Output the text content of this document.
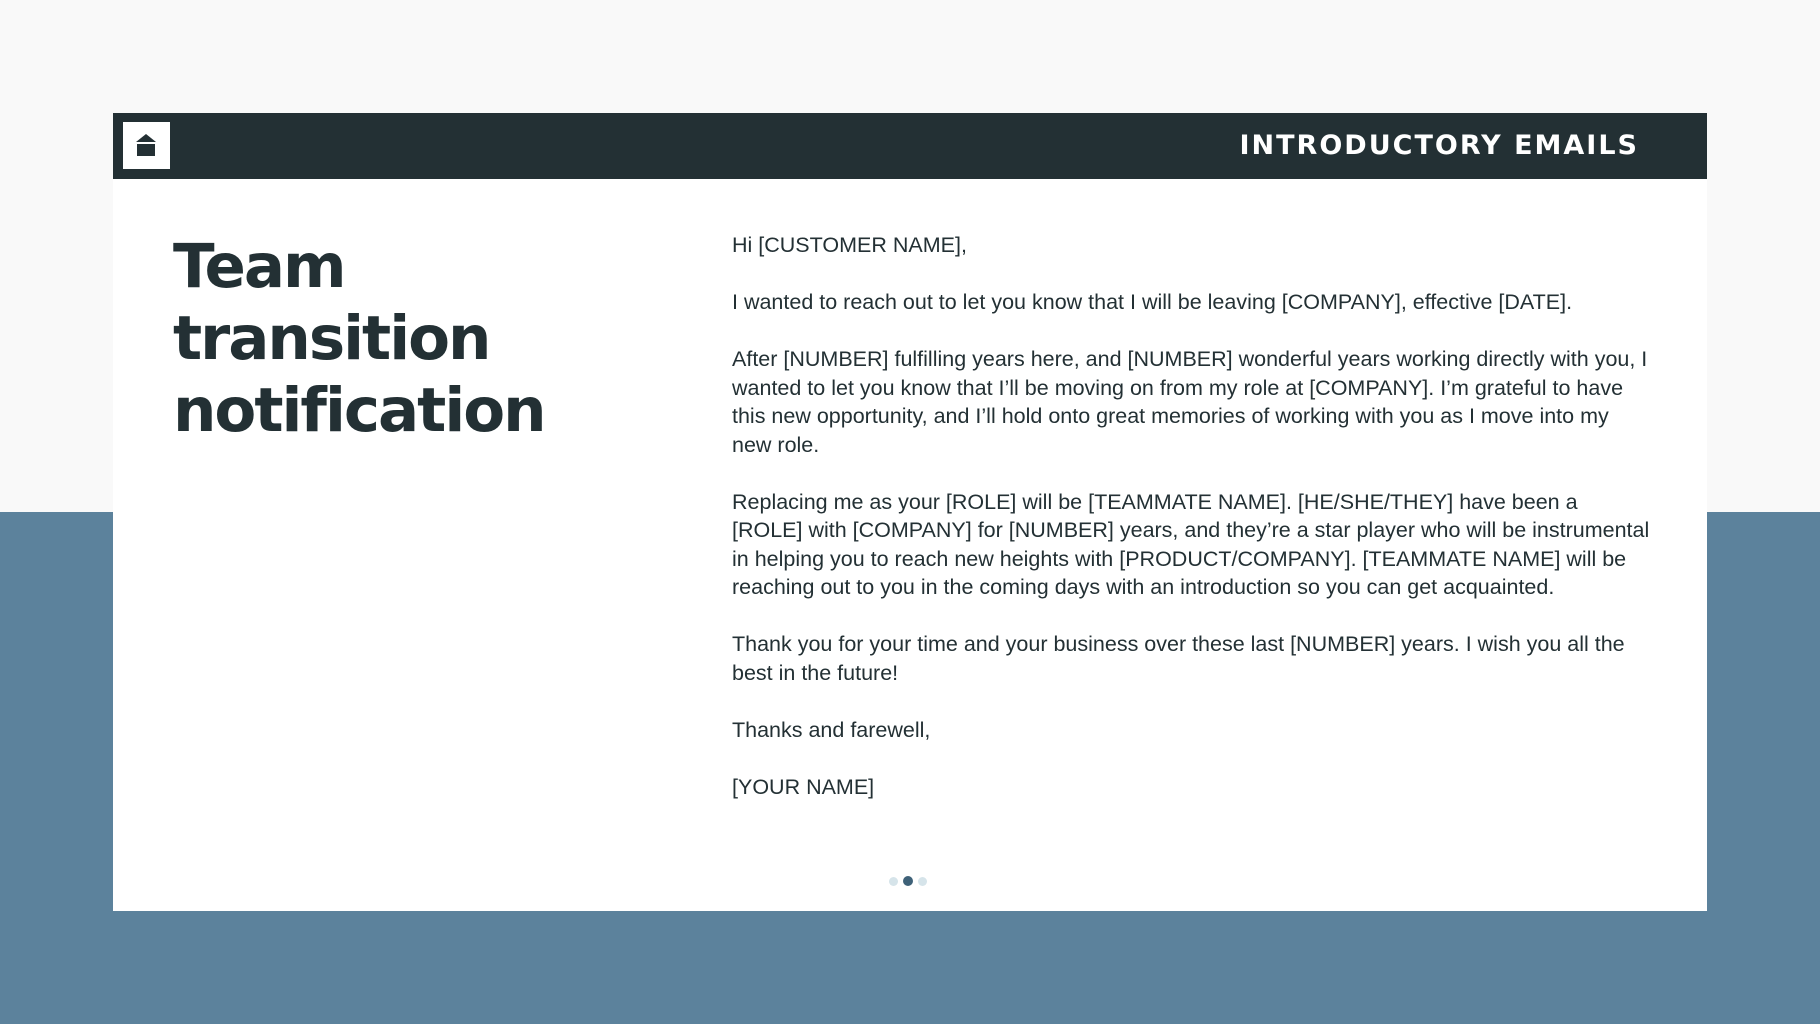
INTRODUCTORY EMAILS
Team transition notification

Hi [CUSTOMER NAME],

I wanted to reach out to let you know that I will be leaving [COMPANY], effective [DATE].

After [NUMBER] fulfilling years here, and [NUMBER] wonderful years working directly with you, I wanted to let you know that I’ll be moving on from my role at [COMPANY]. I’m grateful to have this new opportunity, and I’ll hold onto great memories of working with you as I move into my new role.

Replacing me as your [ROLE] will be [TEAMMATE NAME]. [HE/SHE/THEY] have been a [ROLE] with [COMPANY] for [NUMBER] years, and they’re a star player who will be instrumental in helping you to reach new heights with [PRODUCT/COMPANY]. [TEAMMATE NAME] will be reaching out to you in the coming days with an introduction so you can get acquainted.

Thank you for your time and your business over these last [NUMBER] years. I wish you all the best in the future!

Thanks and farewell,

[YOUR NAME]
